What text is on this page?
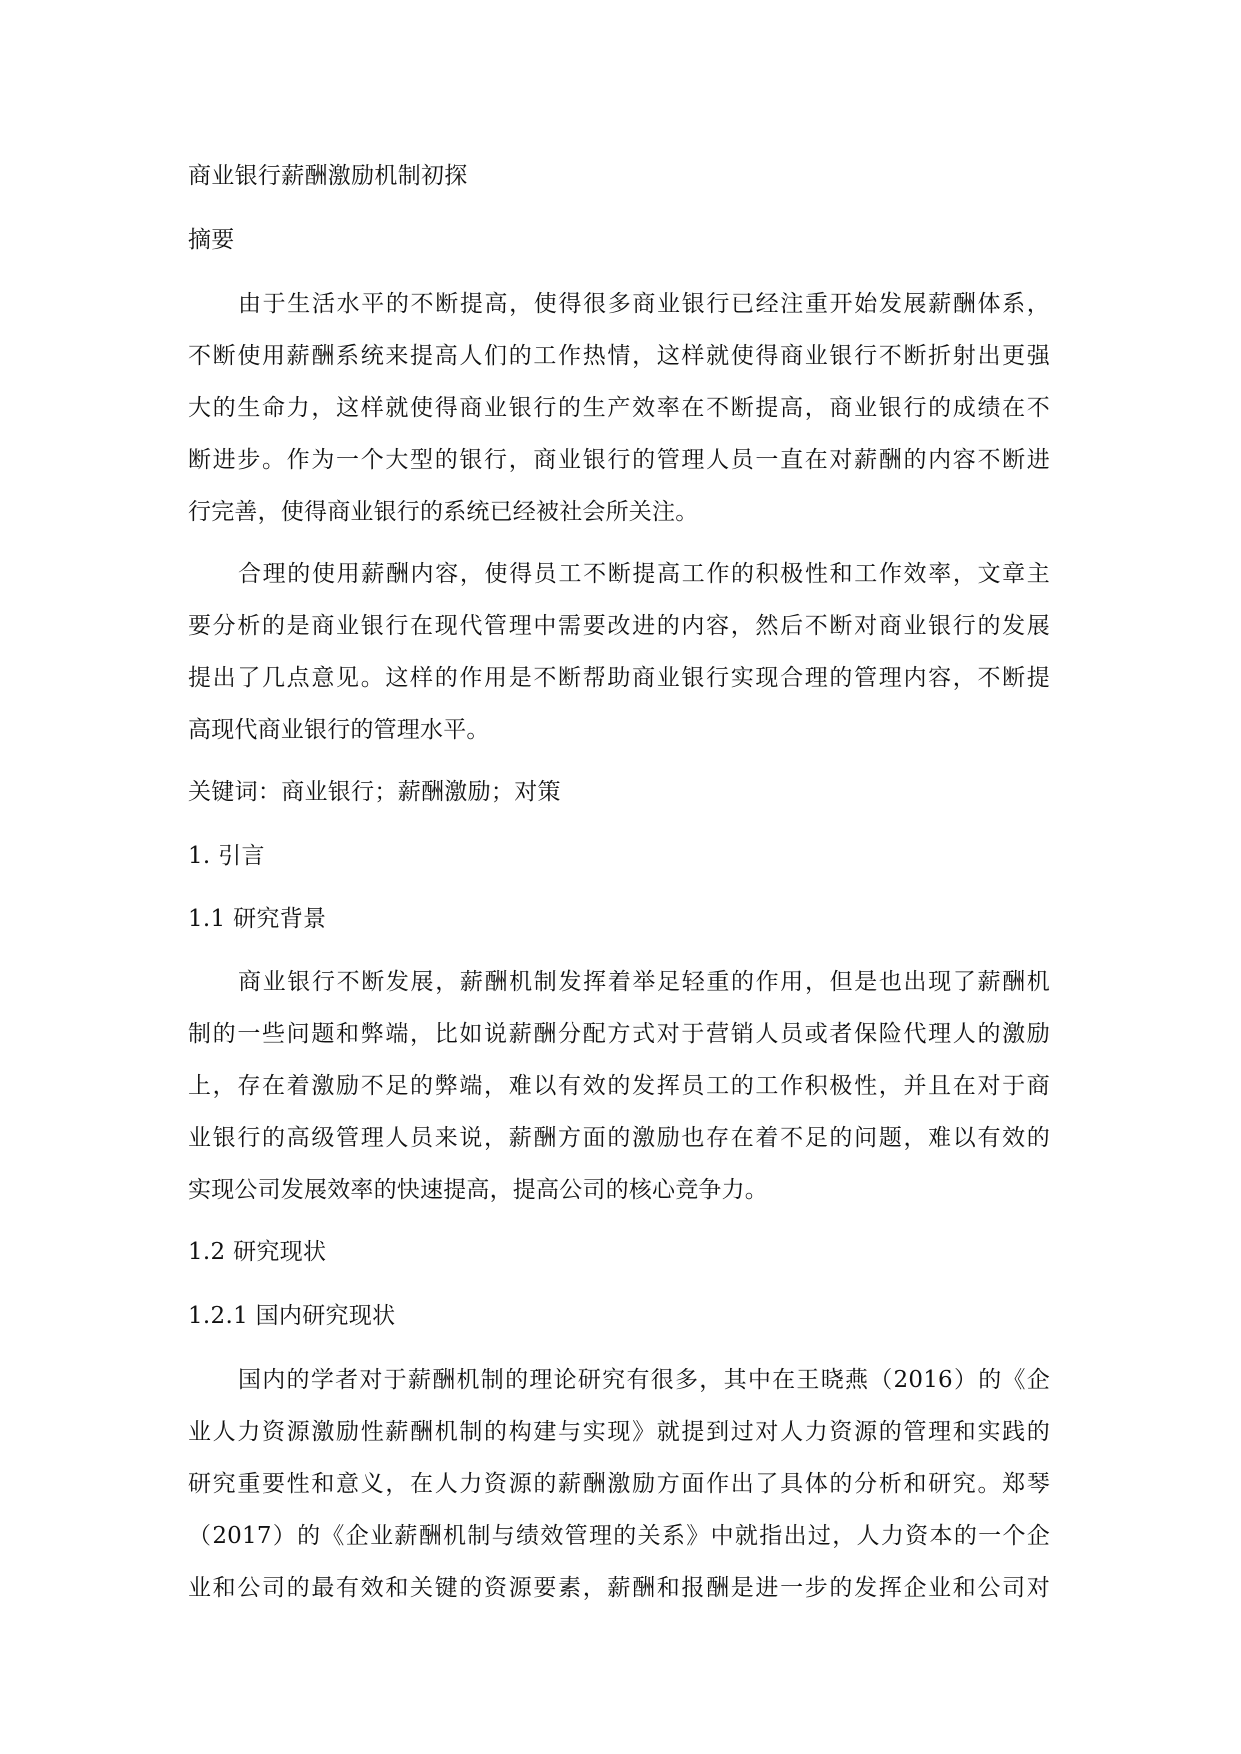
商业银行薪酬激励机制初探
摘要
由于生活水平的不断提高，使得很多商业银行已经注重开始发展薪酬体系，
不断使用薪酬系统来提高人们的工作热情，这样就使得商业银行不断折射出更强
大的生命力，这样就使得商业银行的生产效率在不断提高，商业银行的成绩在不
断进步。作为一个大型的银行，商业银行的管理人员一直在对薪酬的内容不断进
行完善，使得商业银行的系统已经被社会所关注。
合理的使用薪酬内容，使得员工不断提高工作的积极性和工作效率，文章主
要分析的是商业银行在现代管理中需要改进的内容，然后不断对商业银行的发展
提出了几点意见。这样的作用是不断帮助商业银行实现合理的管理内容，不断提
高现代商业银行的管理水平。
关键词：商业银行；薪酬激励；对策
1. 引言
1.1 研究背景
商业银行不断发展，薪酬机制发挥着举足轻重的作用，但是也出现了薪酬机
制的一些问题和弊端，比如说薪酬分配方式对于营销人员或者保险代理人的激励
上，存在着激励不足的弊端，难以有效的发挥员工的工作积极性，并且在对于商
业银行的高级管理人员来说，薪酬方面的激励也存在着不足的问题，难以有效的
实现公司发展效率的快速提高，提高公司的核心竞争力。
1.2 研究现状
1.2.1 国内研究现状
国内的学者对于薪酬机制的理论研究有很多，其中在王晓燕（2016）的《企
业人力资源激励性薪酬机制的构建与实现》就提到过对人力资源的管理和实践的
研究重要性和意义，在人力资源的薪酬激励方面作出了具体的分析和研究。郑琴
（2017）的《企业薪酬机制与绩效管理的关系》中就指出过，人力资本的一个企
业和公司的最有效和关键的资源要素，薪酬和报酬是进一步的发挥企业和公司对
